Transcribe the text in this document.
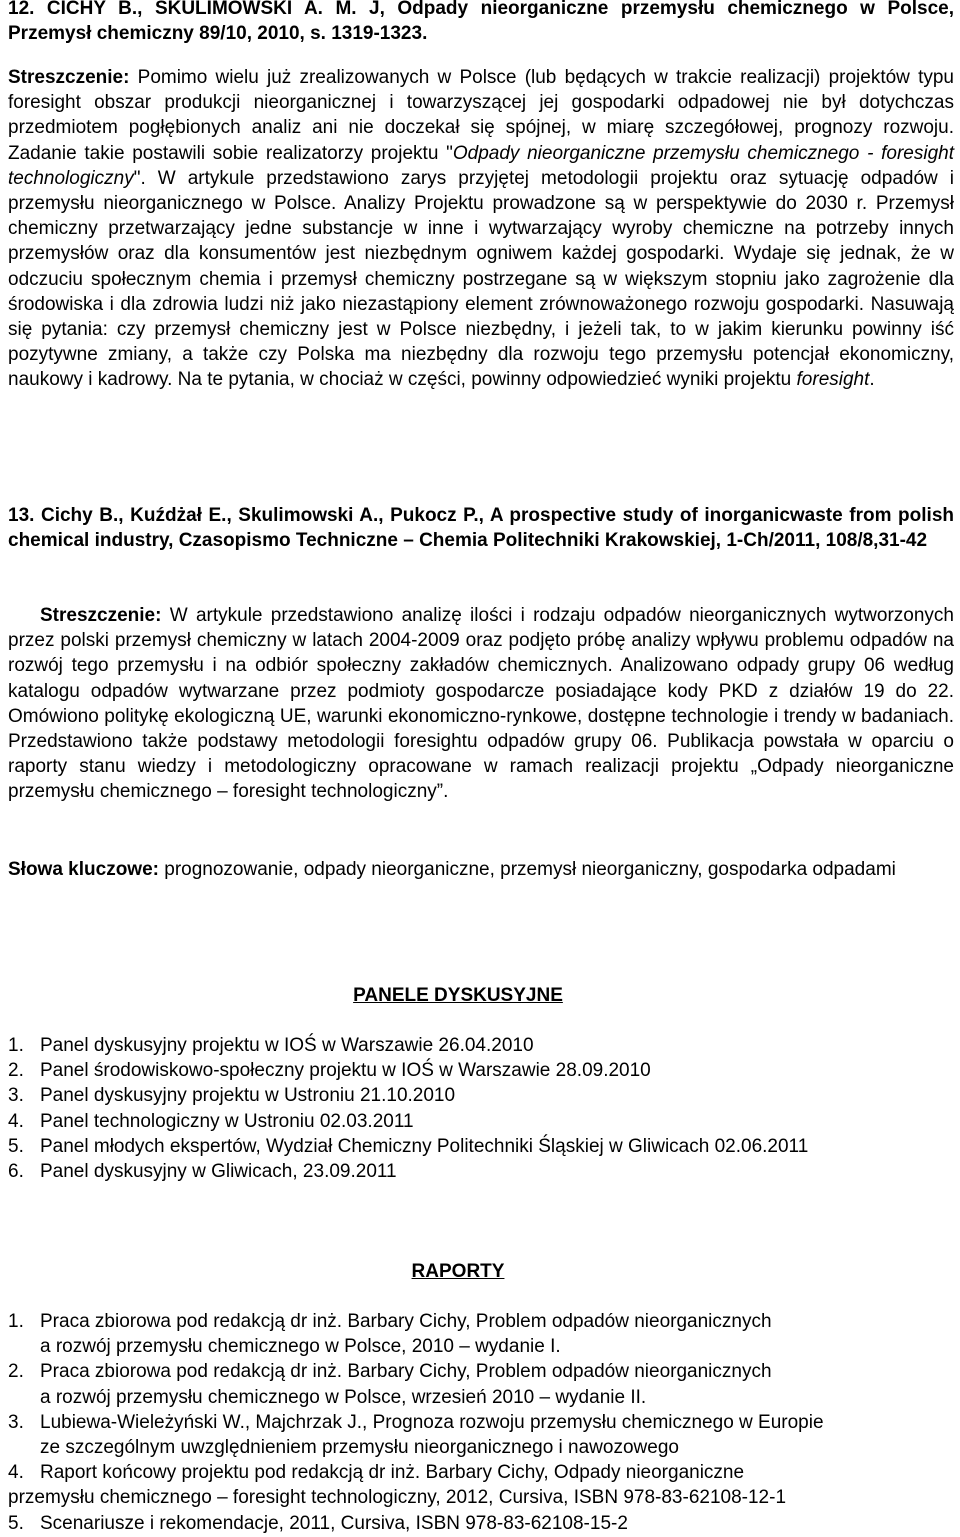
12. CICHY B., SKULIMOWSKI A. M. J, Odpady nieorganiczne przemysłu chemicznego w Polsce, Przemysł chemiczny 89/10, 2010, s. 1319-1323.

Streszczenie: Pomimo wielu już zrealizowanych w Polsce (lub będących w trakcie realizacji) projektów typu foresight obszar produkcji nieorganicznej i towarzyszącej jej gospodarki odpadowej nie był dotychczas przedmiotem pogłębionych analiz ani nie doczekał się spójnej, w miarę szczegółowej, prognozy rozwoju. Zadanie takie postawili sobie realizatorzy projektu "Odpady nieorganiczne przemysłu chemicznego - foresight technologiczny". W artykule przedstawiono zarys przyjętej metodologii projektu oraz sytuację odpadów i przemysłu nieorganicznego w Polsce. Analizy Projektu prowadzone są w perspektywie do 2030 r. Przemysł chemiczny przetwarzający jedne substancje w inne i wytwarzający wyroby chemiczne na potrzeby innych przemysłów oraz dla konsumentów jest niezbędnym ogniwem każdej gospodarki. Wydaje się jednak, że w odczuciu społecznym chemia i przemysł chemiczny postrzegane są w większym stopniu jako zagrożenie dla środowiska i dla zdrowia ludzi niż jako niezastąpiony element zrównoważonego rozwoju gospodarki. Nasuwają się pytania: czy przemysł chemiczny jest w Polsce niezbędny, i jeżeli tak, to w jakim kierunku powinny iść pozytywne zmiany, a także czy Polska ma niezbędny dla rozwoju tego przemysłu potencjał ekonomiczny, naukowy i kadrowy. Na te pytania, w chociaż w części, powinny odpowiedzieć wyniki projektu foresight.

13. Cichy B., Kuźdżał E., Skulimowski A., Pukocz P., A prospective study of inorganicwaste from polish chemical industry, Czasopismo Techniczne – Chemia Politechniki Krakowskiej, 1-Ch/2011, 108/8,31-42

Streszczenie: W artykule przedstawiono analizę ilości i rodzaju odpadów nieorganicznych wytworzonych przez polski przemysł chemiczny w latach 2004-2009 oraz podjęto próbę analizy wpływu problemu odpadów na rozwój tego przemysłu i na odbiór społeczny zakładów chemicznych. Analizowano odpady grupy 06 według katalogu odpadów wytwarzane przez podmioty gospodarcze posiadające kody PKD z działów 19 do 22. Omówiono politykę ekologiczną UE, warunki ekonomiczno-rynkowe, dostępne technologie i trendy w badaniach. Przedstawiono także podstawy metodologii foresightu odpadów grupy 06. Publikacja powstała w oparciu o raporty stanu wiedzy i metodologiczny opracowane w ramach realizacji projektu „Odpady nieorganiczne przemysłu chemicznego – foresight technologiczny”.

Słowa kluczowe: prognozowanie, odpady nieorganiczne, przemysł nieorganiczny, gospodarka odpadami

PANELE DYSKUSYJNE

1. Panel dyskusyjny projektu w IOŚ w Warszawie 26.04.2010
2. Panel środowiskowo-społeczny projektu w IOŚ w Warszawie 28.09.2010
3. Panel dyskusyjny projektu w Ustroniu 21.10.2010
4. Panel technologiczny w Ustroniu 02.03.2011
5. Panel młodych ekspertów, Wydział Chemiczny Politechniki Śląskiej w Gliwicach 02.06.2011
6. Panel dyskusyjny w Gliwicach, 23.09.2011

RAPORTY

1. Praca zbiorowa pod redakcją dr inż. Barbary Cichy, Problem odpadów nieorganicznych
a rozwój przemysłu chemicznego w Polsce, 2010 – wydanie I.
2. Praca zbiorowa pod redakcją dr inż. Barbary Cichy, Problem odpadów nieorganicznych
a rozwój przemysłu chemicznego w Polsce, wrzesień 2010 – wydanie II.
3. Lubiewa-Wieleżyński W., Majchrzak J., Prognoza rozwoju przemysłu chemicznego w Europie
ze szczególnym uwzględnieniem przemysłu nieorganicznego i nawozowego
4. Raport końcowy projektu pod redakcją dr inż. Barbary Cichy, Odpady nieorganiczne
przemysłu chemicznego – foresight technologiczny, 2012, Cursiva, ISBN 978-83-62108-12-1
5. Scenariusze i rekomendacje, 2011, Cursiva, ISBN 978-83-62108-15-2
